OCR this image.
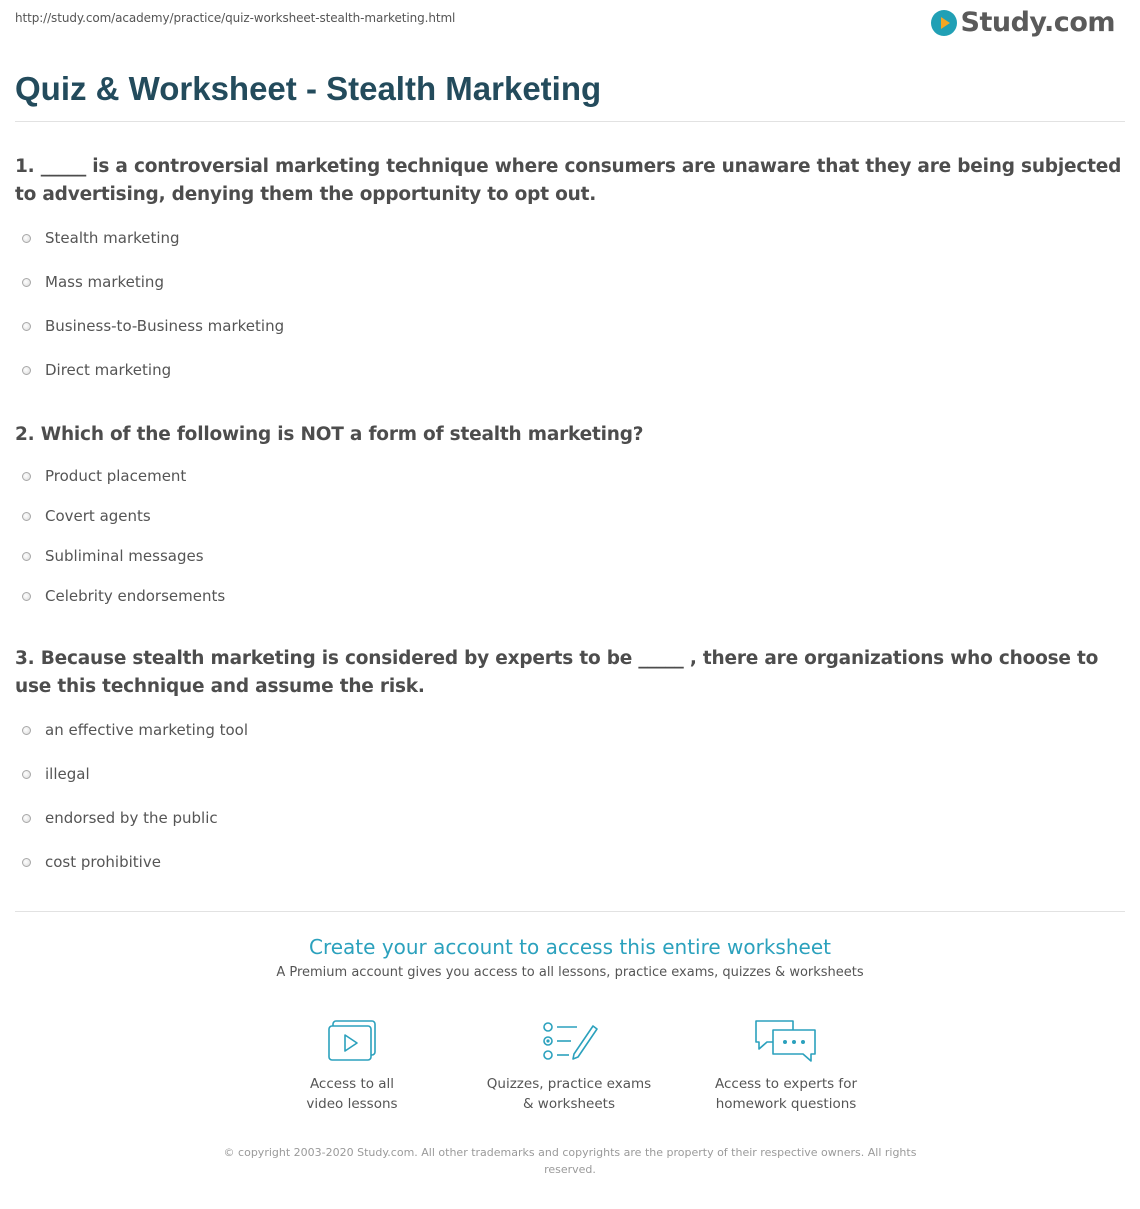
http://study.com/academy/practice/quiz-worksheet-stealth-marketing.html	Study.com
Quiz & Worksheet - Stealth Marketing

1. _____ is a controversial marketing technique where consumers are unaware that they are being subjected to advertising, denying them the opportunity to opt out.

Stealth marketing
Mass marketing
Business-to-Business marketing
Direct marketing

2. Which of the following is NOT a form of stealth marketing?

Product placement
Covert agents
Subliminal messages
Celebrity endorsements

3. Because stealth marketing is considered by experts to be _____ , there are organizations who choose to use this technique and assume the risk.

an effective marketing tool
illegal
endorsed by the public
cost prohibitive
Create your account to access this entire worksheet
A Premium account gives you access to all lessons, practice exams, quizzes & worksheets
Access to all
video lessons
Quizzes, practice exams
& worksheets
Access to experts for
homework questions
© copyright 2003-2020 Study.com. All other trademarks and copyrights are the property of their respective owners. All rights
reserved.
